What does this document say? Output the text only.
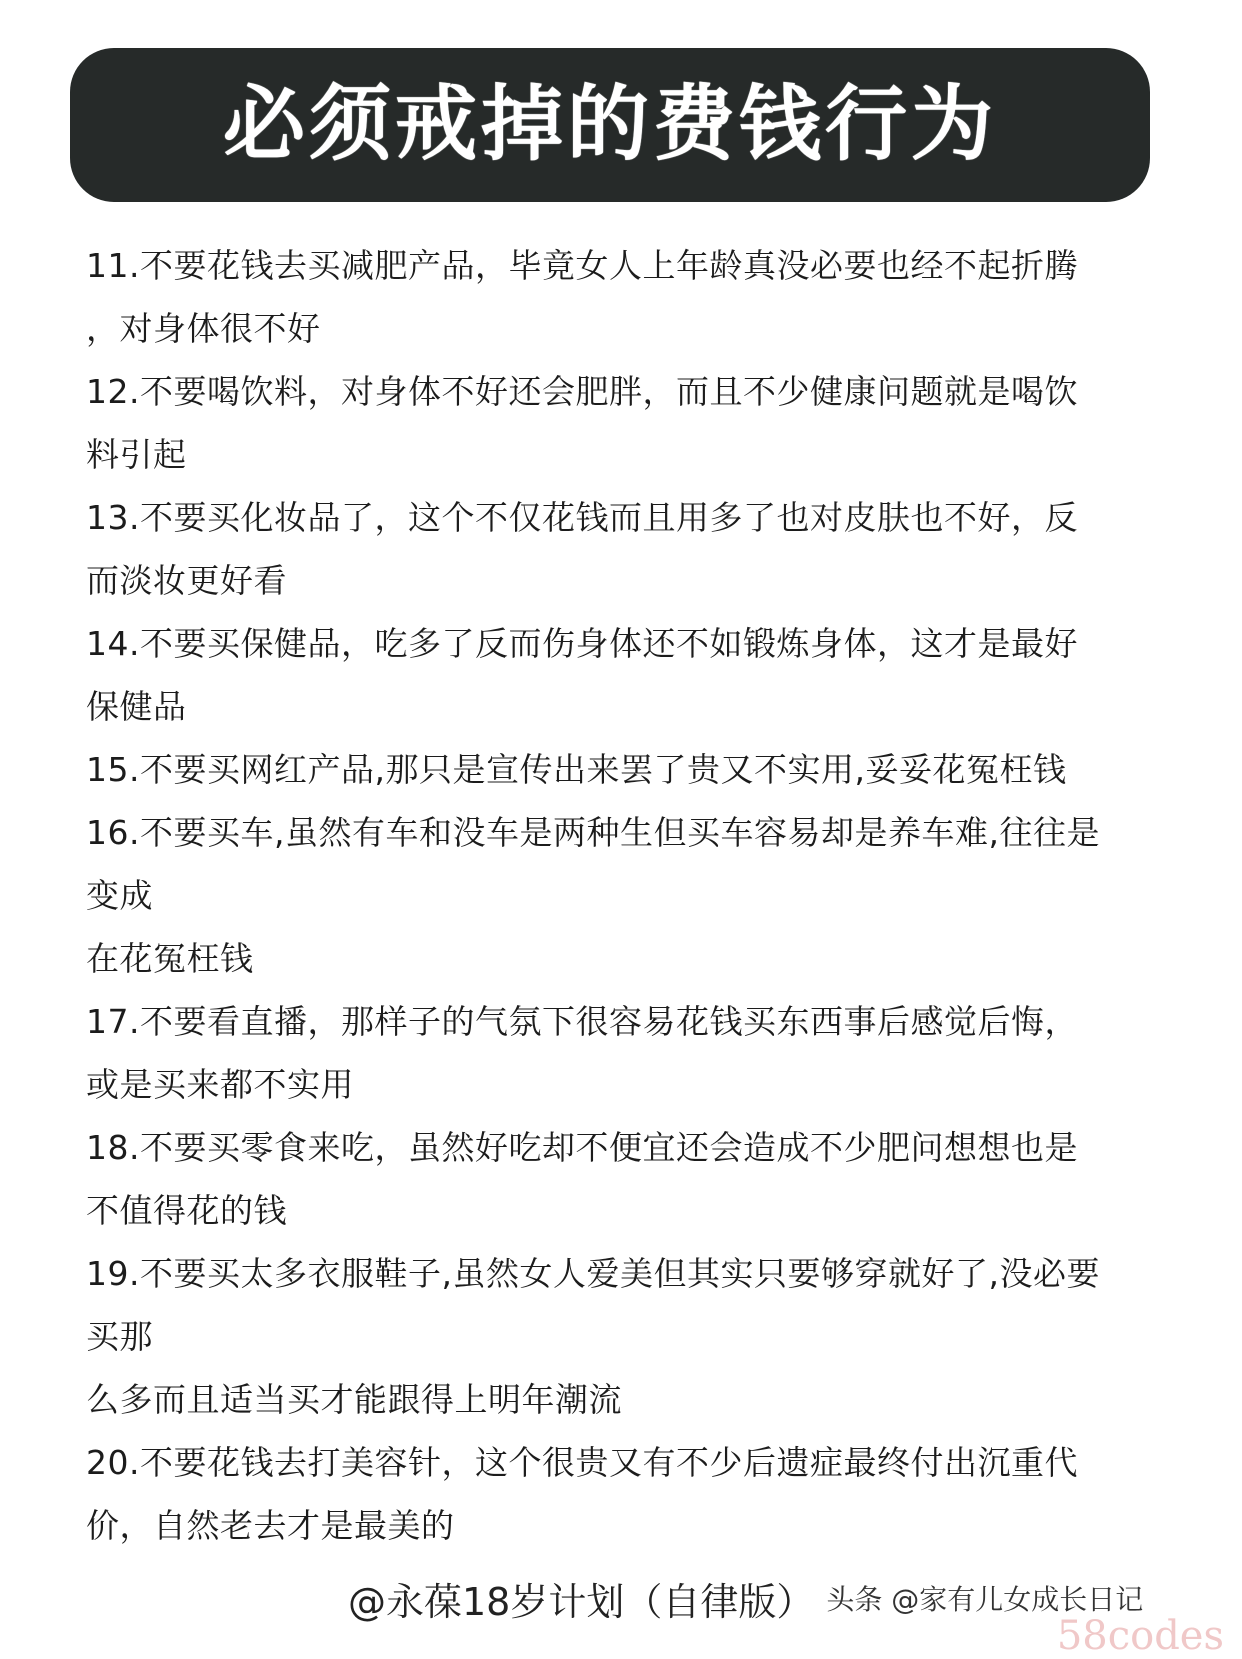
必须戒掉的费钱行为
11.不要花钱去买减肥产品，毕竟女人上年龄真没必要也经不起折腾
，对身体很不好
12.不要喝饮料，对身体不好还会肥胖，而且不少健康问题就是喝饮
料引起
13.不要买化妆品了，这个不仅花钱而且用多了也对皮肤也不好，反
而淡妆更好看
14.不要买保健品，吃多了反而伤身体还不如锻炼身体，这才是最好
保健品
15.不要买网红产品,那只是宣传出来罢了贵又不实用,妥妥花冤枉钱
16.不要买车,虽然有车和没车是两种生但买车容易却是养车难,往往是
变成
在花冤枉钱
17.不要看直播，那样子的气氛下很容易花钱买东西事后感觉后悔，
或是买来都不实用
18.不要买零食来吃，虽然好吃却不便宜还会造成不少肥问想想也是
不值得花的钱
19.不要买太多衣服鞋子,虽然女人爱美但其实只要够穿就好了,没必要
买那
么多而且适当买才能跟得上明年潮流
20.不要花钱去打美容针，这个很贵又有不少后遗症最终付出沉重代
价，自然老去才是最美的
@永葆18岁计划（自律版） 头条 @家有儿女成长日记
58codes
